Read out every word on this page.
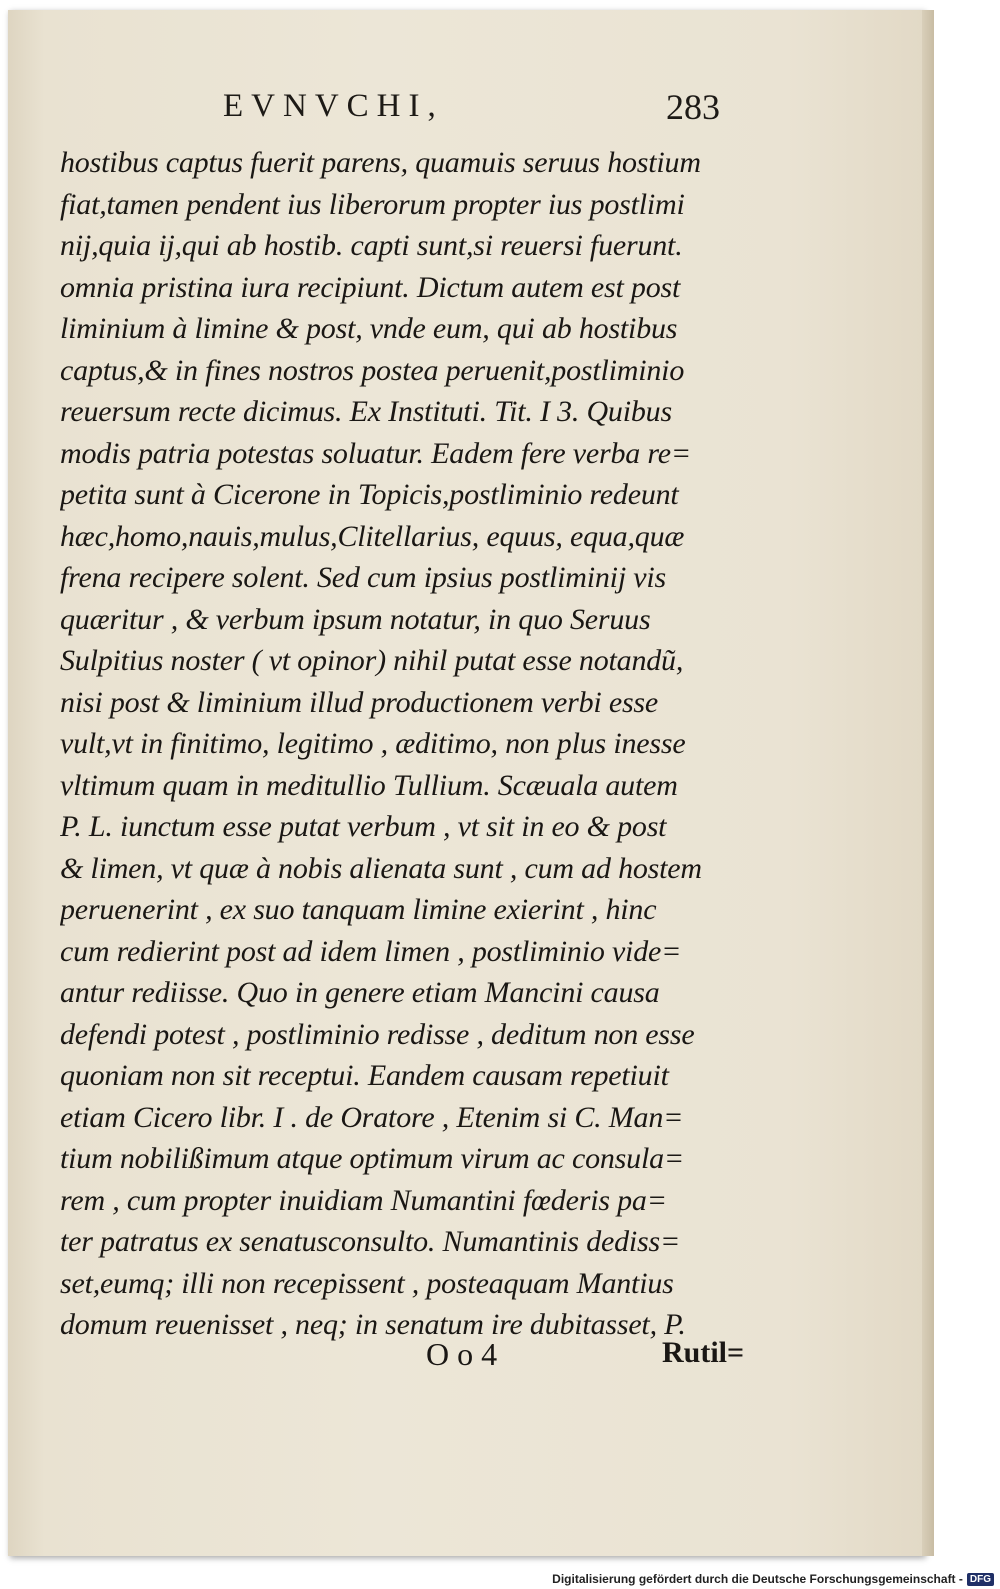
EVNVCHI,	283
hostibus captus fuerit parens, quamuis seruus hostium
fiat,tamen pendent ius liberorum propter ius postlimi
nij,quia ij,qui ab hostib. capti sunt,si reuersi fuerunt.
omnia pristina iura recipiunt. Dictum autem est post
liminium à limine & post, vnde eum, qui ab hostibus
captus,& in fines nostros postea peruenit,postliminio
reuersum recte dicimus. Ex Instituti. Tit. I 3. Quibus
modis patria potestas soluatur. Eadem fere verba re=
petita sunt à Cicerone in Topicis,postliminio redeunt
hæc,homo,nauis,mulus,Clitellarius, equus, equa,quæ
frena recipere solent. Sed cum ipsius postliminij vis
quæritur , & verbum ipsum notatur, in quo Seruus
Sulpitius noster ( vt opinor) nihil putat esse notandũ,
nisi post & liminium illud productionem verbi esse
vult,vt in finitimo, legitimo , æditimo, non plus inesse
vltimum quam in meditullio Tullium. Scæuala autem
P. L. iunctum esse putat verbum , vt sit in eo & post
& limen, vt quæ à nobis alienata sunt , cum ad hostem
peruenerint , ex suo tanquam limine exierint , hinc
cum redierint post ad idem limen , postliminio vide=
antur rediisse. Quo in genere etiam Mancini causa
defendi potest , postliminio redisse , deditum non esse
quoniam non sit receptui. Eandem causam repetiuit
etiam Cicero libr. I . de Oratore , Etenim si C. Man=
tium nobilißimum atque optimum virum ac consula=
rem , cum propter inuidiam Numantini fœderis pa=
ter patratus ex senatusconsulto. Numantinis dediss=
set,eumq; illi non recepissent , posteaquam Mantius
domum reuenisset , neq; in senatum ire dubitasset, P.
O o 4	Rutil=
Digitalisierung gefördert durch die Deutsche Forschungsgemeinschaft - DFG
